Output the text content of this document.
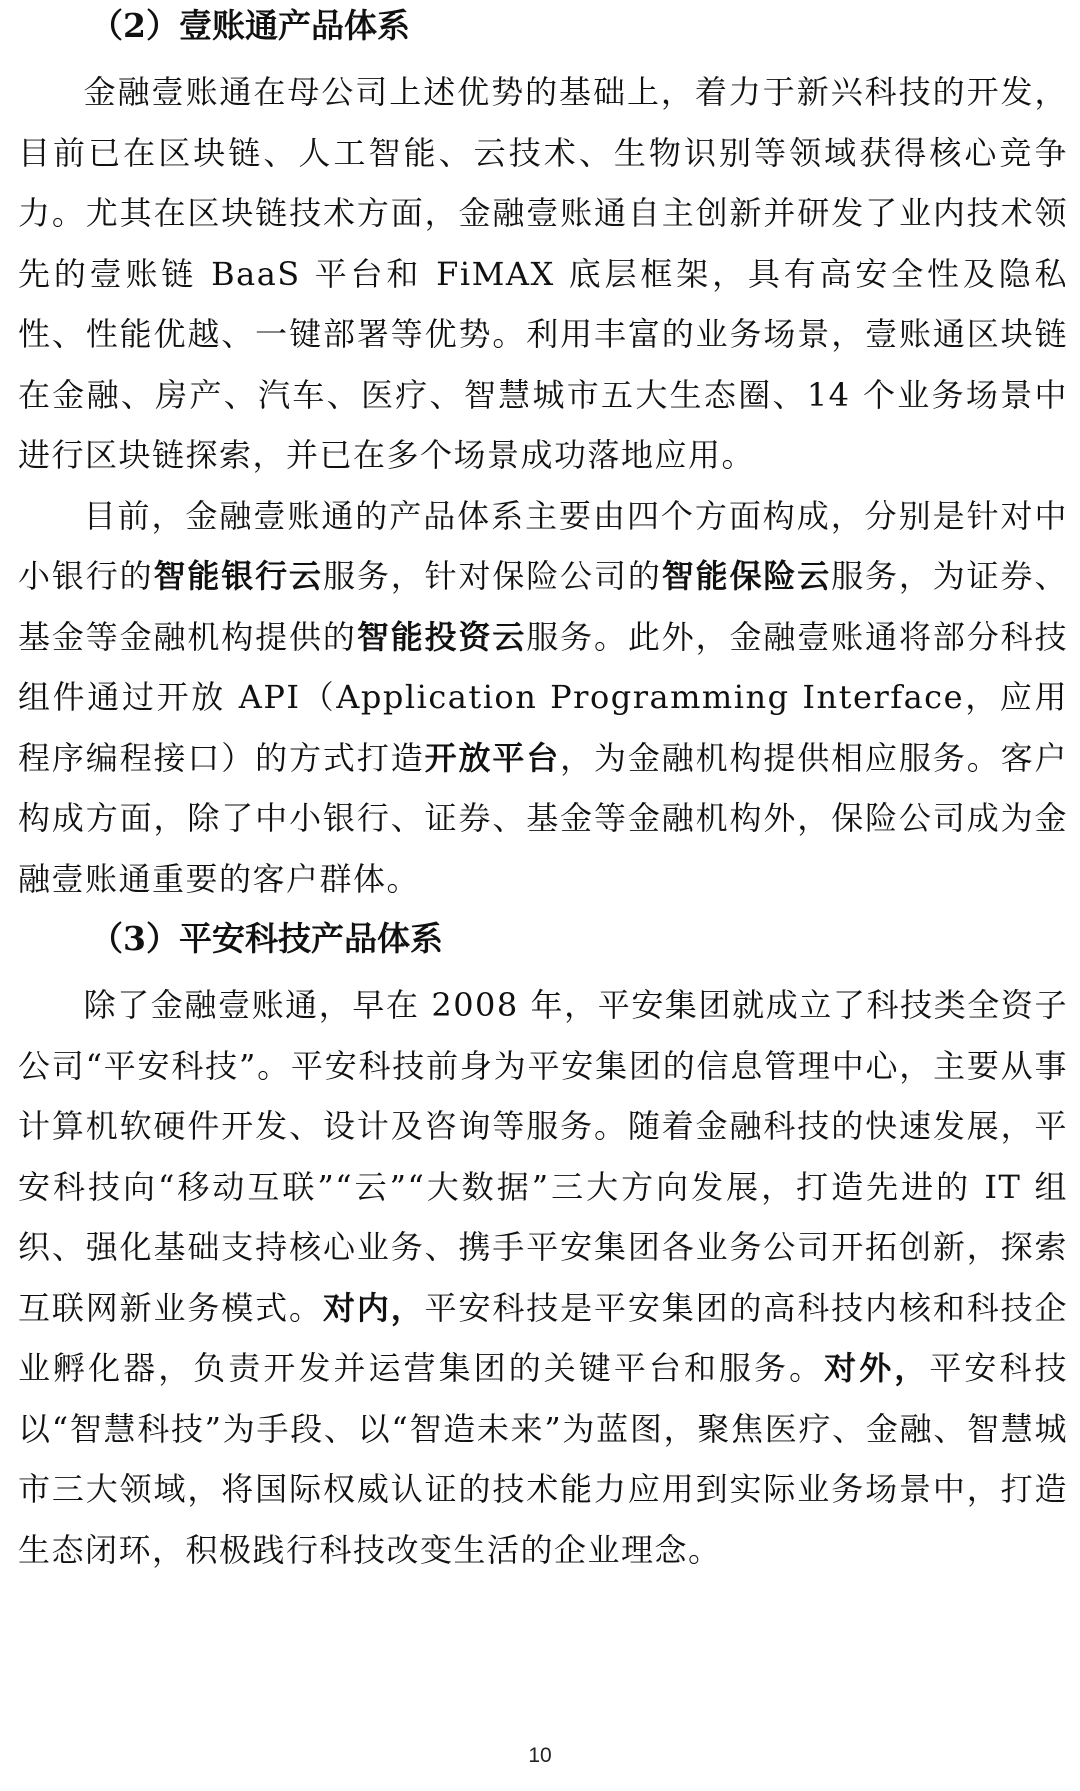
（2）壹账通产品体系

金融壹账通在母公司上述优势的基础上，着力于新兴科技的开发，目前已在区块链、人工智能、云技术、生物识别等领域获得核心竞争力。尤其在区块链技术方面，金融壹账通自主创新并研发了业内技术领先的壹账链 BaaS 平台和 FiMAX 底层框架，具有高安全性及隐私性、性能优越、一键部署等优势。利用丰富的业务场景，壹账通区块链在金融、房产、汽车、医疗、智慧城市五大生态圈、14 个业务场景中进行区块链探索，并已在多个场景成功落地应用。

目前，金融壹账通的产品体系主要由四个方面构成，分别是针对中小银行的智能银行云服务，针对保险公司的智能保险云服务，为证券、基金等金融机构提供的智能投资云服务。此外，金融壹账通将部分科技组件通过开放 API（Application Programming Interface，应用程序编程接口）的方式打造开放平台，为金融机构提供相应服务。客户构成方面，除了中小银行、证券、基金等金融机构外，保险公司成为金融壹账通重要的客户群体。

（3）平安科技产品体系

除了金融壹账通，早在 2008 年，平安集团就成立了科技类全资子公司“平安科技”。平安科技前身为平安集团的信息管理中心，主要从事计算机软硬件开发、设计及咨询等服务。随着金融科技的快速发展，平安科技向“移动互联”“云”“大数据”三大方向发展，打造先进的 IT 组织、强化基础支持核心业务、携手平安集团各业务公司开拓创新，探索互联网新业务模式。对内，平安科技是平安集团的高科技内核和科技企业孵化器，负责开发并运营集团的关键平台和服务。对外，平安科技以“智慧科技”为手段、以“智造未来”为蓝图，聚焦医疗、金融、智慧城市三大领域，将国际权威认证的技术能力应用到实际业务场景中，打造生态闭环，积极践行科技改变生活的企业理念。

10
